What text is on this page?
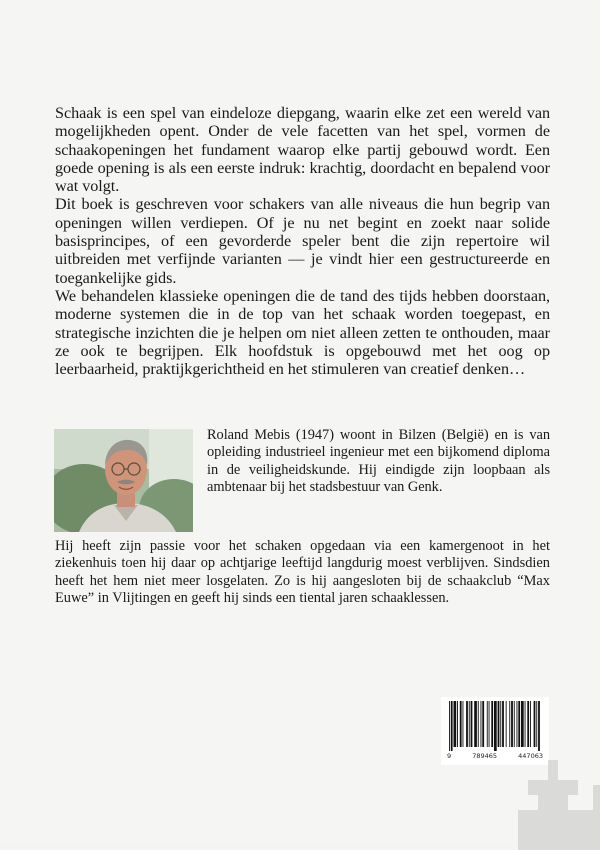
Schaak is een spel van eindeloze diepgang, waarin elke zet een wereld van mogelijkheden opent. Onder de vele facetten van het spel, vormen de schaakopeningen het fundament waarop elke partij gebouwd wordt. Een goede opening is als een eerste indruk: krachtig, doordacht en bepalend voor wat volgt.

Dit boek is geschreven voor schakers van alle niveaus die hun begrip van openingen willen verdiepen. Of je nu net begint en zoekt naar solide basisprincipes, of een gevorderde speler bent die zijn repertoire wil uitbreiden met verfijnde varianten — je vindt hier een gestructureerde en toegankelijke gids.

We behandelen klassieke openingen die de tand des tijds hebben doorstaan, moderne systemen die in de top van het schaak worden toegepast, en strategische inzichten die je helpen om niet alleen zetten te onthouden, maar ze ook te begrijpen. Elk hoofdstuk is opgebouwd met het oog op leerbaarheid, praktijkgerichtheid en het stimuleren van creatief denken…

Roland Mebis (1947) woont in Bilzen (België) en is van opleiding industrieel ingenieur met een bijkomend diploma in de veiligheidskunde. Hij eindigde zijn loopbaan als ambtenaar bij het stadsbestuur van Genk.

Hij heeft zijn passie voor het schaken opgedaan via een kamergenoot in het ziekenhuis toen hij daar op achtjarige leeftijd langdurig moest verblijven. Sindsdien heeft het hem niet meer losgelaten. Zo is hij aangesloten bij de schaakclub “Max Euwe” in Vlijtingen en geeft hij sinds een tiental jaren schaaklessen.

9	789465	447063
